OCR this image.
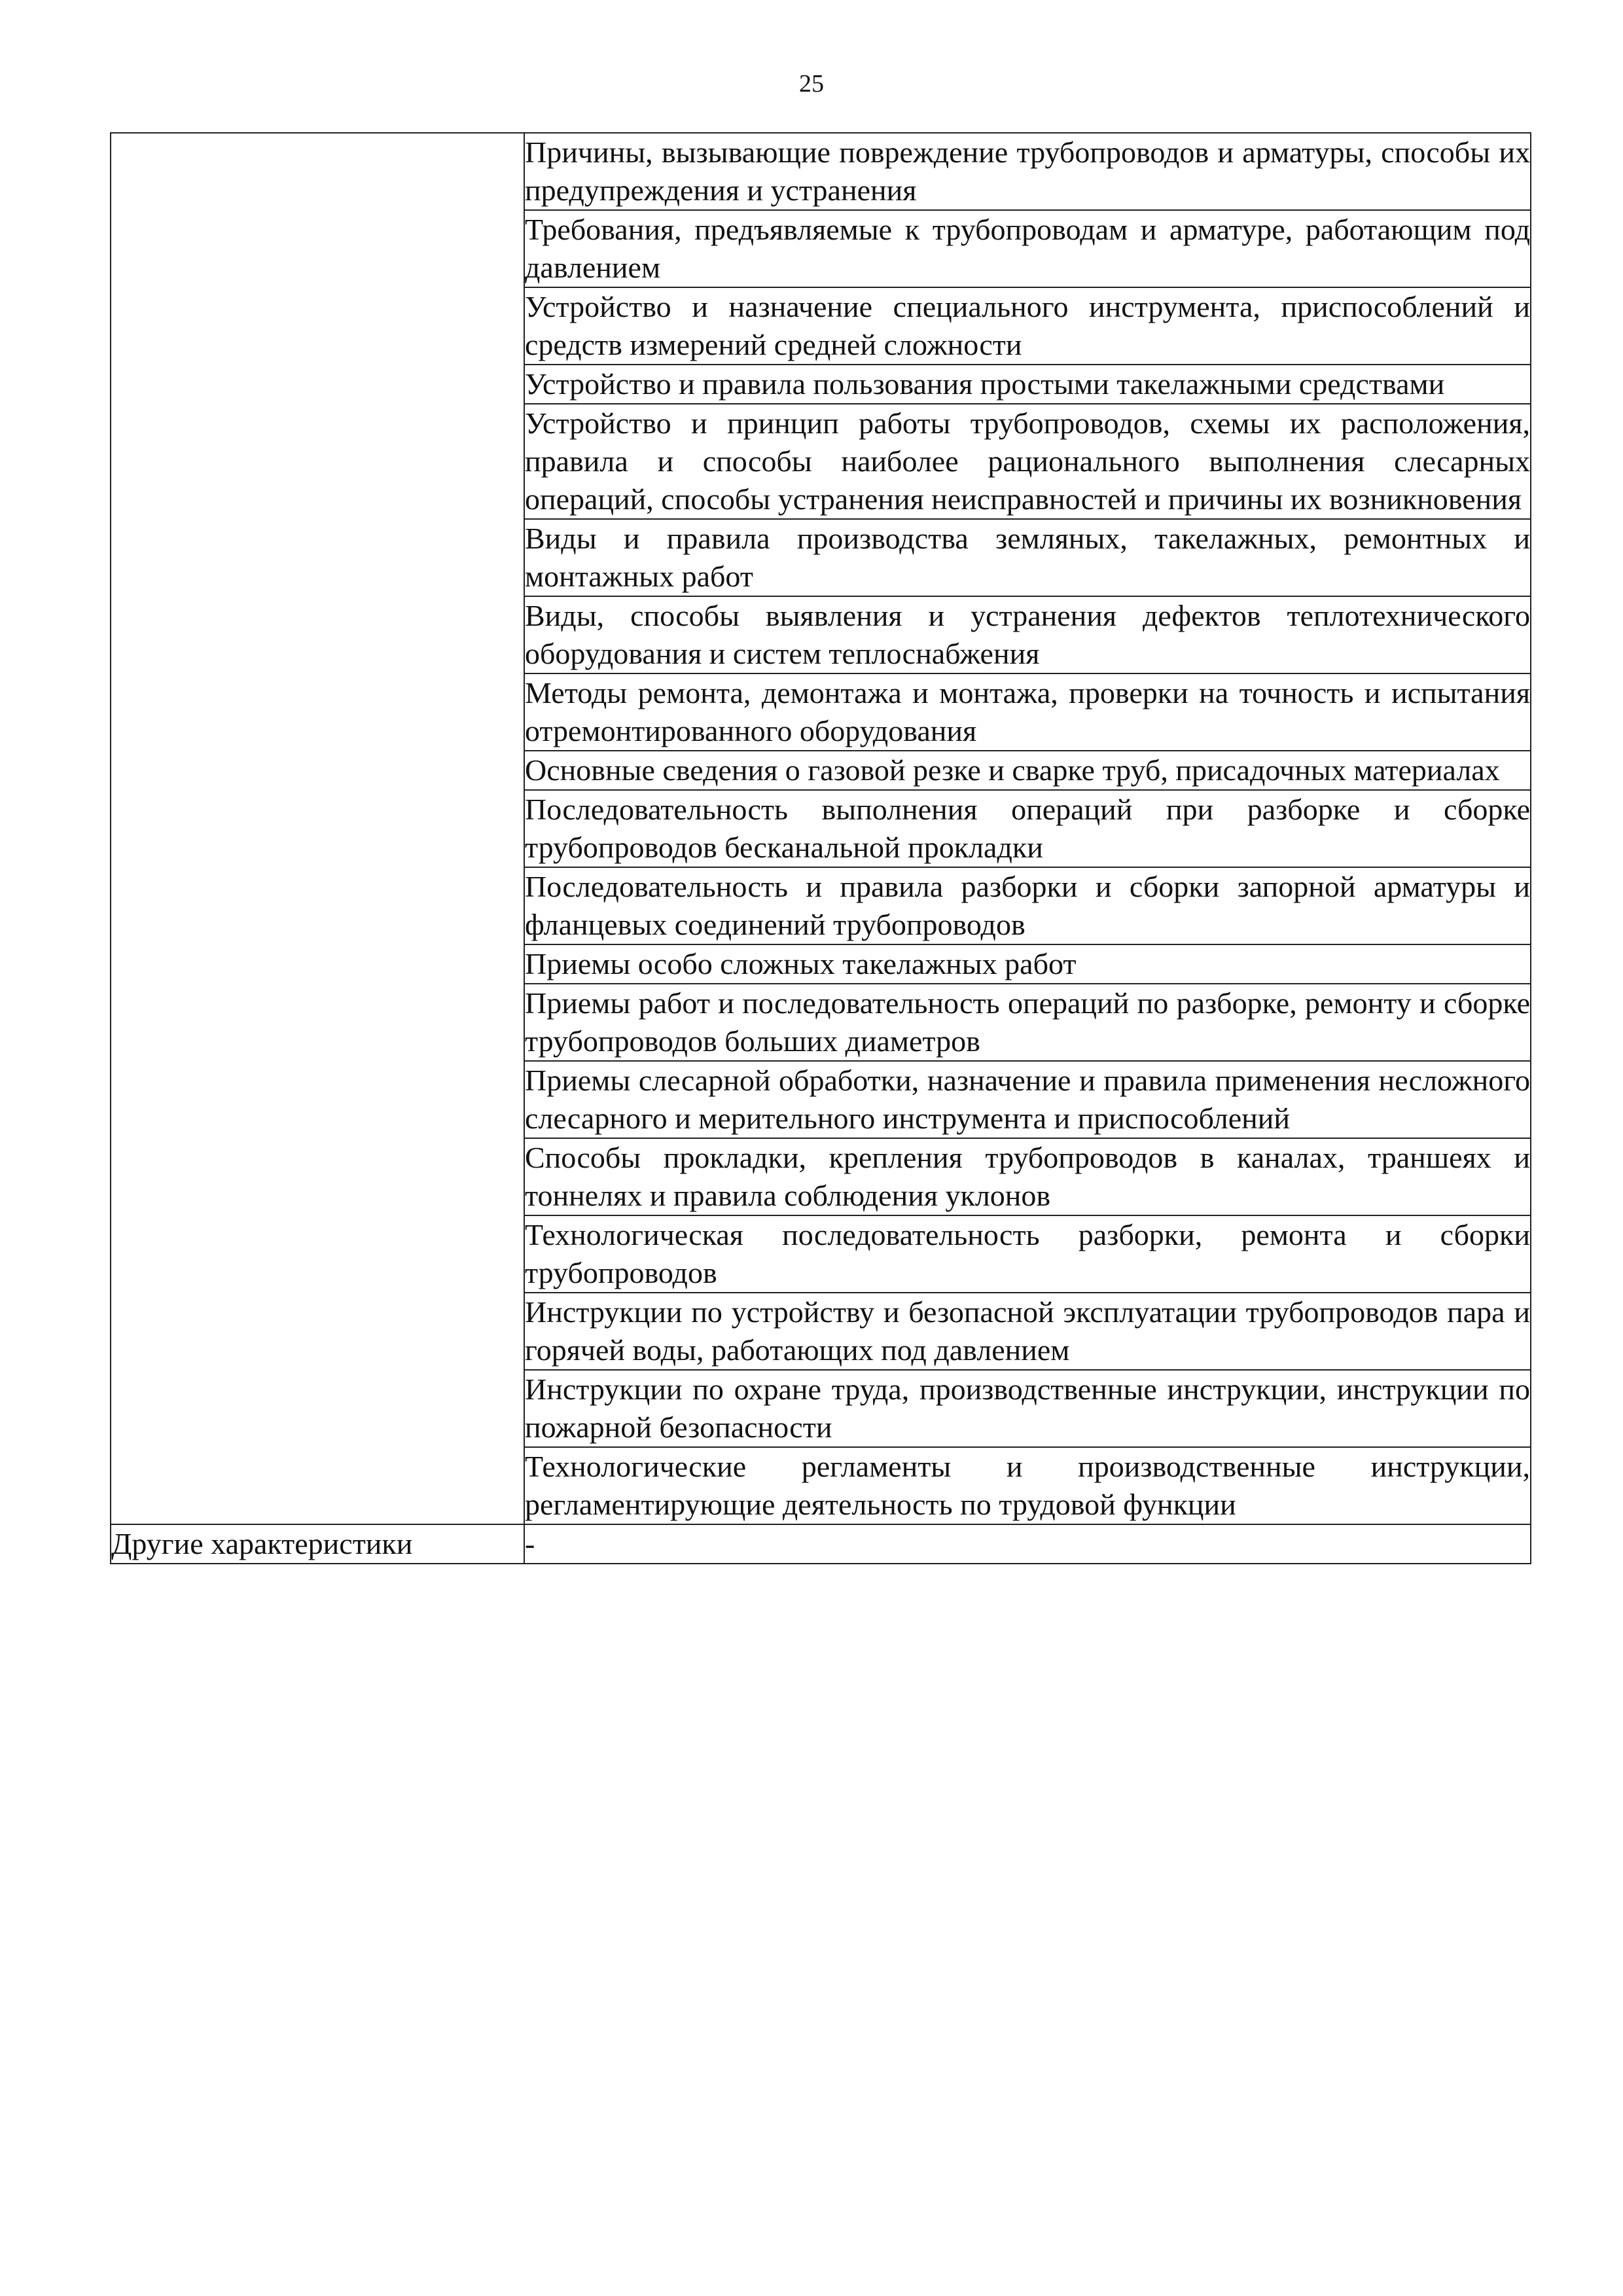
25
	Причины, вызывающие повреждение трубопроводов и арматуры, способы их предупреждения и устранения
	Требования, предъявляемые к трубопроводам и арматуре, работающим под давлением
	Устройство и назначение специального инструмента, приспособлений и средств измерений средней сложности
	Устройство и правила пользования простыми такелажными средствами
	Устройство и принцип работы трубопроводов, схемы их расположения, правила и способы наиболее рационального выполнения слесарных операций, способы устранения неисправностей и причины их возникновения
	Виды и правила производства земляных, такелажных, ремонтных и монтажных работ
	Виды, способы выявления и устранения дефектов теплотехнического оборудования и систем теплоснабжения
	Методы ремонта, демонтажа и монтажа, проверки на точность и испытания отремонтированного оборудования
	Основные сведения о газовой резке и сварке труб, присадочных материалах
	Последовательность выполнения операций при разборке и сборке трубопроводов бесканальной прокладки
	Последовательность и правила разборки и сборки запорной арматуры и фланцевых соединений трубопроводов
	Приемы особо сложных такелажных работ
	Приемы работ и последовательность операций по разборке, ремонту и сборке трубопроводов больших диаметров
	Приемы слесарной обработки, назначение и правила применения несложного слесарного и мерительного инструмента и приспособлений
	Способы прокладки, крепления трубопроводов в каналах, траншеях и тоннелях и правила соблюдения уклонов
	Технологическая последовательность разборки, ремонта и сборки трубопроводов
	Инструкции по устройству и безопасной эксплуатации трубопроводов пара и горячей воды, работающих под давлением
	Инструкции по охране труда, производственные инструкции, инструкции по пожарной безопасности
	Технологические регламенты и производственные инструкции, регламентирующие деятельность по трудовой функции
Другие характеристики	-
